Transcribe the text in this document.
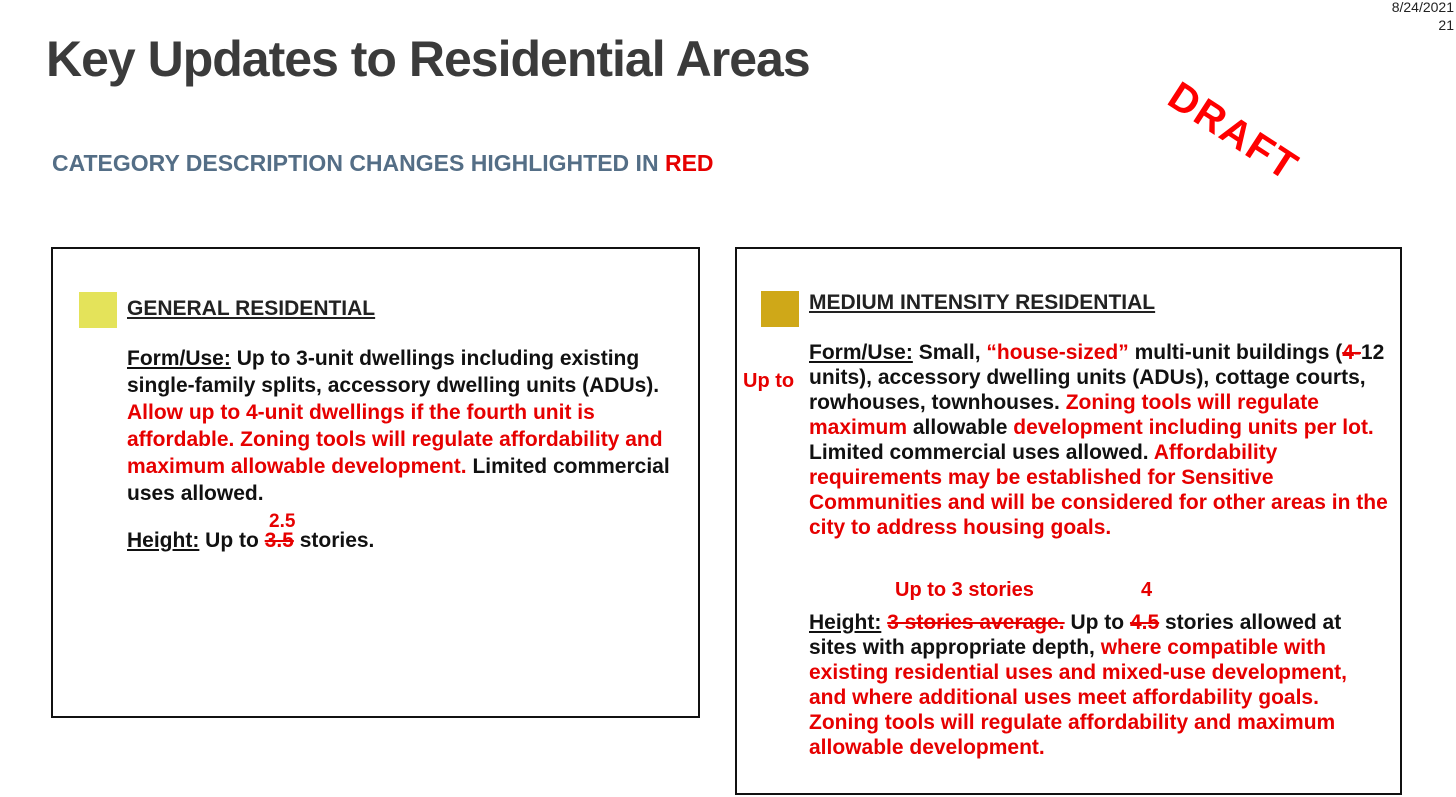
8/24/2021
21
Key Updates to Residential Areas
DRAFT
CATEGORY DESCRIPTION CHANGES HIGHLIGHTED IN RED
GENERAL RESIDENTIAL
Form/Use: Up to 3-unit dwellings including existing single-family splits, accessory dwelling units (ADUs). Allow up to 4-unit dwellings if the fourth unit is affordable. Zoning tools will regulate affordability and maximum allowable development. Limited commercial uses allowed.
2.5
Height: Up to 3.5 stories.
MEDIUM INTENSITY RESIDENTIAL
Up to
Form/Use: Small, “house-sized” multi-unit buildings (4-12 units), accessory dwelling units (ADUs), cottage courts, rowhouses, townhouses. Zoning tools will regulate maximum allowable development including units per lot. Limited commercial uses allowed. Affordability requirements may be established for Sensitive Communities and will be considered for other areas in the city to address housing goals.
Up to 3 stories	4
Height: 3 stories average. Up to 4.5 stories allowed at sites with appropriate depth, where compatible with existing residential uses and mixed-use development, and where additional uses meet affordability goals. Zoning tools will regulate affordability and maximum allowable development.
